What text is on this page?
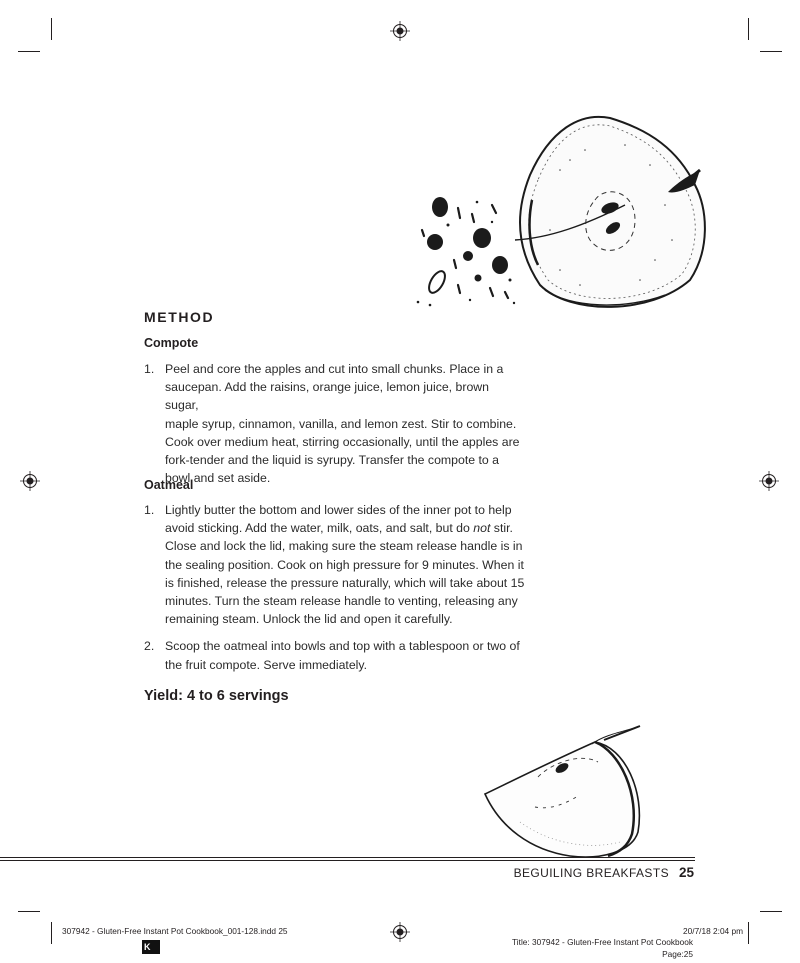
METHOD
Compote
1. Peel and core the apples and cut into small chunks. Place in a
saucepan. Add the raisins, orange juice, lemon juice, brown sugar,
maple syrup, cinnamon, vanilla, and lemon zest. Stir to combine.
Cook over medium heat, stirring occasionally, until the apples are
fork-tender and the liquid is syrupy. Transfer the compote to a
bowl and set aside.
Oatmeal
1. Lightly butter the bottom and lower sides of the inner pot to help
avoid sticking. Add the water, milk, oats, and salt, but do not stir.
Close and lock the lid, making sure the steam release handle is in
the sealing position. Cook on high pressure for 9 minutes. When it
is finished, release the pressure naturally, which will take about 15
minutes. Turn the steam release handle to venting, releasing any
remaining steam. Unlock the lid and open it carefully.
2. Scoop the oatmeal into bowls and top with a tablespoon or two of
the fruit compote. Serve immediately.

Yield: 4 to 6 servings

BEGUILING BREAKFASTS 25
307942 - Gluten-Free Instant Pot Cookbook_001-128.indd 25	20/7/18 2:04 pm
Title: 307942 - Gluten-Free Instant Pot Cookbook
Page:25
K
